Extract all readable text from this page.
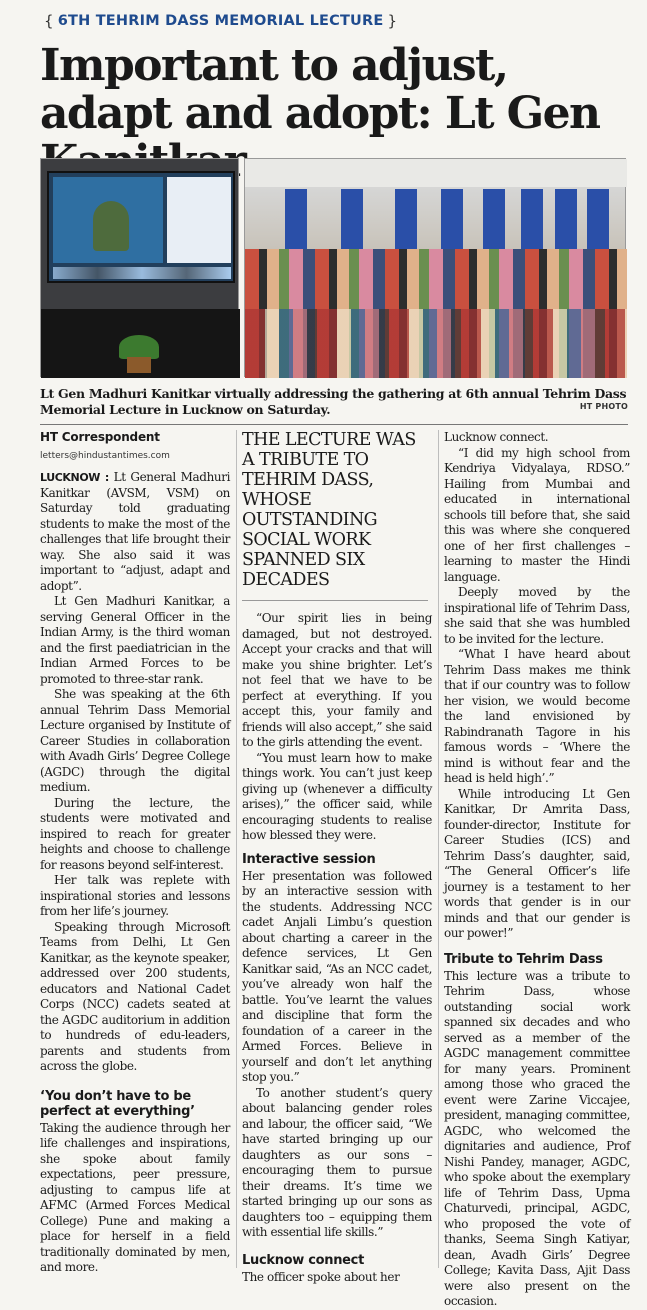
{ 6TH TEHRIM DASS MEMORIAL LECTURE }
Important to adjust, adapt and adopt: Lt Gen
Lt Gen Madhuri Kanitkar virtually addressing the gathering at 6th annual Tehrim Dass Memorial Lecture in Lucknow on Saturday.	HT PHOTO
HT Correspondent
letters@hindustantimes.com

LUCKNOW : Lt General Madhuri Kanitkar (AVSM, VSM) on Saturday told graduating students to make the most of the challenges that life brought their way. She also said it was important to “adjust, adapt and adopt”.

Lt Gen Madhuri Kanitkar, a serving General Officer in the Indian Army, is the third woman and the first paediatrician in the Indian Armed Forces to be promoted to three-star rank.

She was speaking at the 6th annual Tehrim Dass Memorial Lecture organised by Institute of Career Studies in collaboration with Avadh Girls’ Degree College (AGDC) through the digital medium.

During the lecture, the students were motivated and inspired to reach for greater heights and choose to challenge for reasons beyond self-interest.

Her talk was replete with inspirational stories and lessons from her life’s journey.

Speaking through Microsoft Teams from Delhi, Lt Gen Kanitkar, as the keynote speaker, addressed over 200 students, educators and National Cadet Corps (NCC) cadets seated at the AGDC auditorium in addition to hundreds of edu-leaders, parents and students from across the globe.

‘You don’t have to be perfect at everything’

Taking the audience through her life challenges and inspirations, she spoke about family expectations, peer pressure, adjusting to campus life at AFMC (Armed Forces Medical College) Pune and making a place for herself in a field traditionally dominated by men, and more.

THE LECTURE WAS A TRIBUTE TO TEHRIM DASS, WHOSE OUTSTANDING SOCIAL WORK SPANNED SIX DECADES

“Our spirit lies in being damaged, but not destroyed. Accept your cracks and that will make you shine brighter. Let’s not feel that we have to be perfect at everything. If you accept this, your family and friends will also accept,” she said to the girls attending the event.

“You must learn how to make things work. You can’t just keep giving up (whenever a difficulty arises),” the officer said, while encouraging students to realise how blessed they were.

Interactive session

Her presentation was followed by an interactive session with the students. Addressing NCC cadet Anjali Limbu’s question about charting a career in the defence services, Lt Gen Kanitkar said, “As an NCC cadet, you’ve already won half the battle. You’ve learnt the values and discipline that form the foundation of a career in the Armed Forces. Believe in yourself and don’t let anything stop you.”

To another student’s query about balancing gender roles and labour, the officer said, “We have started bringing up our daughters as our sons – encouraging them to pursue their dreams. It’s time we started bringing up our sons as daughters too – equipping them with essential life skills.”

Lucknow connect

The officer spoke about her

Lucknow connect.

“I did my high school from Kendriya Vidyalaya, RDSO.” Hailing from Mumbai and educated in international schools till before that, she said this was where she conquered one of her first challenges – learning to master the Hindi language.

Deeply moved by the inspirational life of Tehrim Dass, she said that she was humbled to be invited for the lecture.

“What I have heard about Tehrim Dass makes me think that if our country was to follow her vision, we would become the land envisioned by Rabindranath Tagore in his famous words – ‘Where the mind is without fear and the head is held high’.”

While introducing Lt Gen Kanitkar, Dr Amrita Dass, founder-director, Institute for Career Studies (ICS) and Tehrim Dass’s daughter, said, “The General Officer’s life journey is a testament to her words that gender is in our minds and that our gender is our power!”

Tribute to Tehrim Dass

This lecture was a tribute to Tehrim Dass, whose outstanding social work spanned six decades and who served as a member of the AGDC management committee for many years. Prominent among those who graced the event were Zarine Viccajee, president, managing committee, AGDC, who welcomed the dignitaries and audience, Prof Nishi Pandey, manager, AGDC, who spoke about the exemplary life of Tehrim Dass, Upma Chaturvedi, principal, AGDC, who proposed the vote of thanks, Seema Singh Katiyar, dean, Avadh Girls’ Degree College; Kavita Dass, Ajit Dass were also present on the occasion.
